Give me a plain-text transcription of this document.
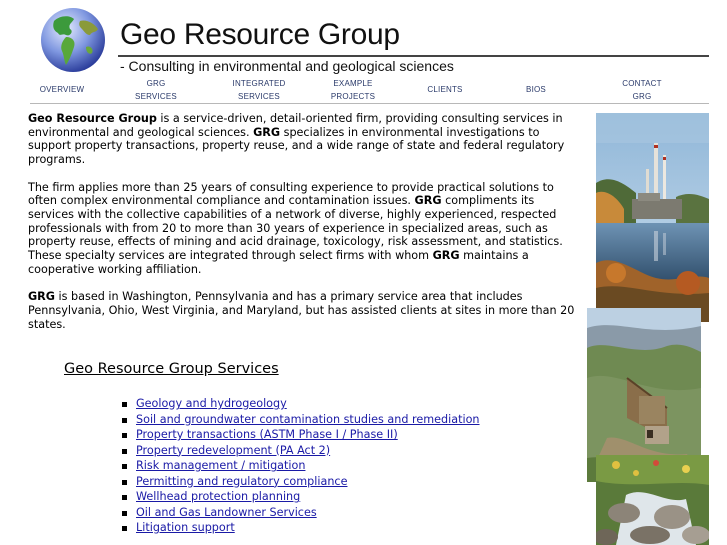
Geo Resource Group
- Consulting in environmental and geological sciences
OVERVIEW
GRG
SERVICES
INTEGRATED
SERVICES
EXAMPLE
PROJECTS
CLIENTS	BIOS
CONTACT
GRG

Geo Resource Group is a service-driven, detail-oriented firm, providing consulting services in environmental and geological sciences. GRG specializes in environmental investigations to support property transactions, property reuse, and a wide range of state and federal regulatory programs.

The firm applies more than 25 years of consulting experience to provide practical solutions to often complex environmental compliance and contamination issues. GRG compliments its services with the collective capabilities of a network of diverse, highly experienced, respected professionals with from 20 to more than 30 years of experience in specialized areas, such as property reuse, effects of mining and acid drainage, toxicology, risk assessment, and statistics. These specialty services are integrated through select firms with whom GRG maintains a cooperative working affiliation.

GRG is based in Washington, Pennsylvania and has a primary service area that includes Pennsylvania, Ohio, West Virginia, and Maryland, but has assisted clients at sites in more than 20 states.

Geo Resource Group Services
Geology and hydrogeology
Soil and groundwater contamination studies and remediation
Property transactions (ASTM Phase I / Phase II)
Property redevelopment (PA Act 2)
Risk management / mitigation
Permitting and regulatory compliance
Wellhead protection planning
Oil and Gas Landowner Services
Litigation support
